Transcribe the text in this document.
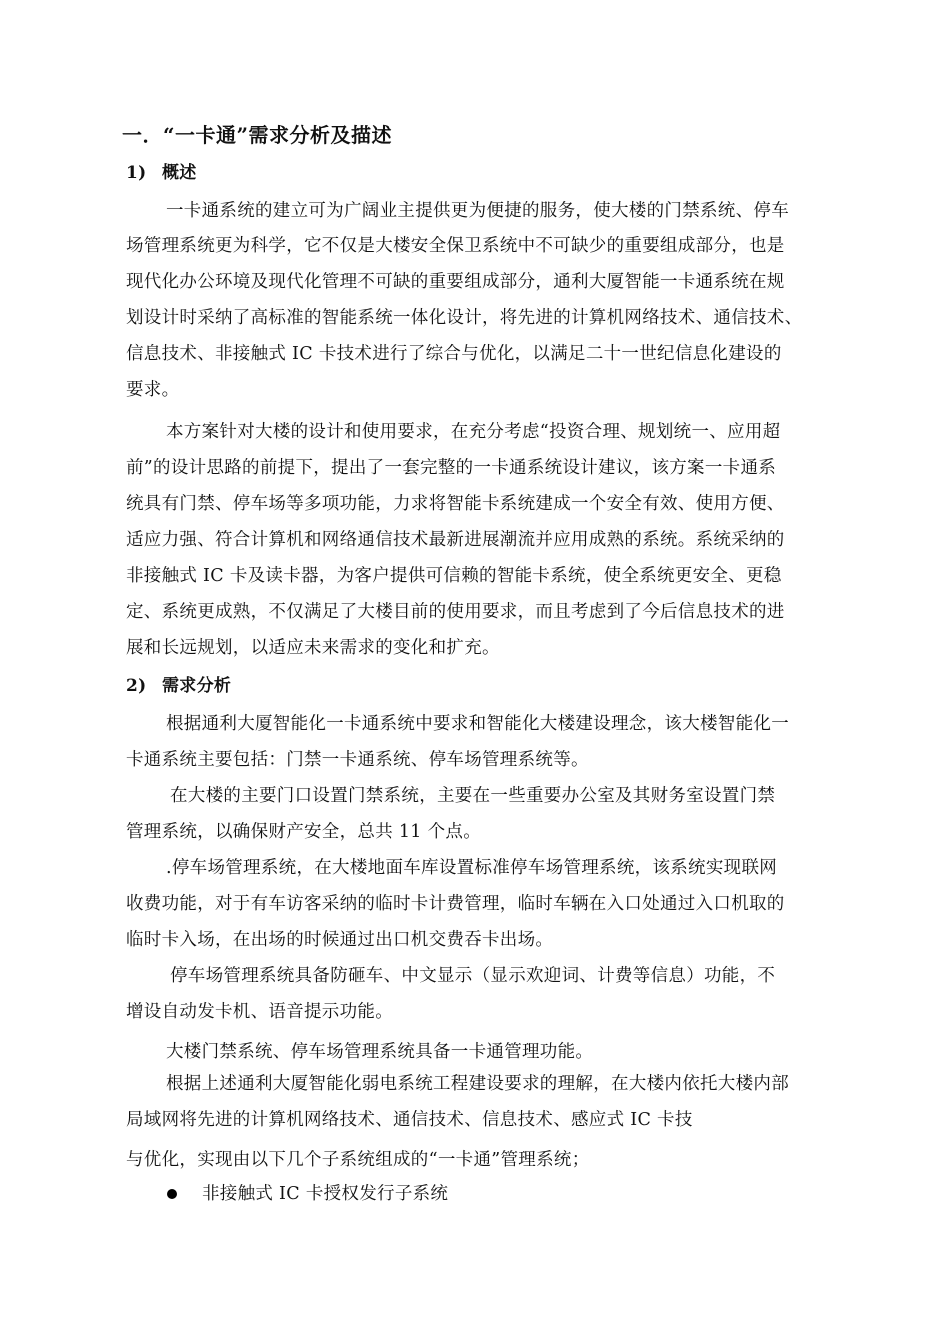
一．“一卡通”需求分析及描述
1) 概述
一卡通系统的建立可为广阔业主提供更为便捷的服务，使大楼的门禁系统、停车
场管理系统更为科学，它不仅是大楼安全保卫系统中不可缺少的重要组成部分，也是
现代化办公环境及现代化管理不可缺的重要组成部分，通利大厦智能一卡通系统在规
划设计时采纳了高标准的智能系统一体化设计，将先进的计算机网络技术、通信技术、
信息技术、非接触式 IC 卡技术进行了综合与优化，以满足二十一世纪信息化建设的
要求。
本方案针对大楼的设计和使用要求，在充分考虑“投资合理、规划统一、应用超
前”的设计思路的前提下，提出了一套完整的一卡通系统设计建议，该方案一卡通系
统具有门禁、停车场等多项功能，力求将智能卡系统建成一个安全有效、使用方便、
适应力强、符合计算机和网络通信技术最新进展潮流并应用成熟的系统。系统采纳的
非接触式 IC 卡及读卡器，为客户提供可信赖的智能卡系统，使全系统更安全、更稳
定、系统更成熟，不仅满足了大楼目前的使用要求，而且考虑到了今后信息技术的进
展和长远规划，以适应未来需求的变化和扩充。
2) 需求分析
根据通利大厦智能化一卡通系统中要求和智能化大楼建设理念，该大楼智能化一
卡通系统主要包括：门禁一卡通系统、停车场管理系统等。
在大楼的主要门口设置门禁系统，主要在一些重要办公室及其财务室设置门禁
管理系统，以确保财产安全，总共 11 个点。
.停车场管理系统，在大楼地面车库设置标准停车场管理系统，该系统实现联网
收费功能，对于有车访客采纳的临时卡计费管理，临时车辆在入口处通过入口机取的
临时卡入场，在出场的时候通过出口机交费吞卡出场。
停车场管理系统具备防砸车、中文显示（显示欢迎词、计费等信息）功能，不
增设自动发卡机、语音提示功能。
大楼门禁系统、停车场管理系统具备一卡通管理功能。
根据上述通利大厦智能化弱电系统工程建设要求的理解，在大楼内依托大楼内部
局域网将先进的计算机网络技术、通信技术、信息技术、感应式 IC 卡技
与优化，实现由以下几个子系统组成的“一卡通”管理系统；
非接触式 IC 卡授权发行子系统
